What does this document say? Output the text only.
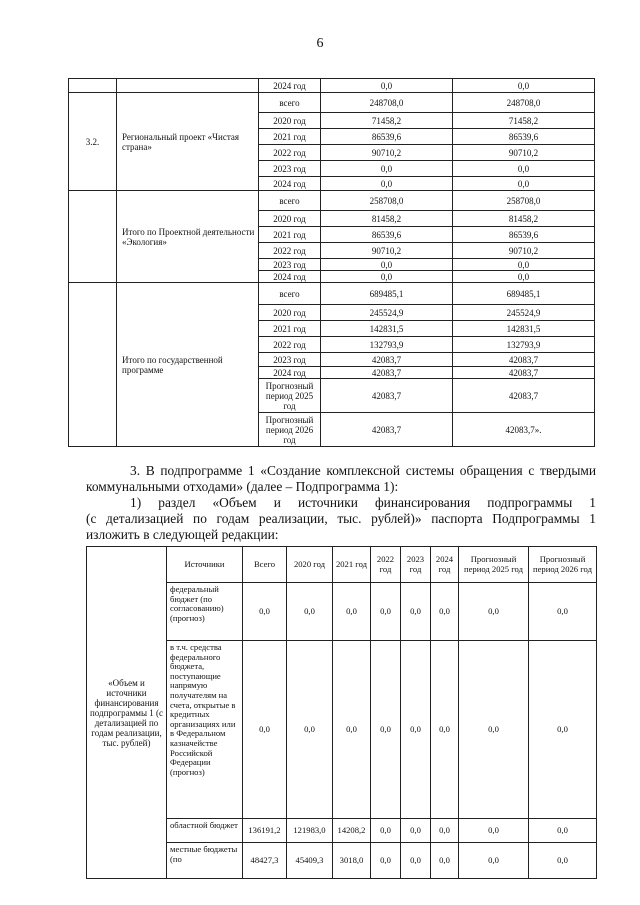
6
		2024 год	0,0	0,0
3.2.	Региональный проект «Чистая страна»	всего	248708,0	248708,0
		2020 год	71458,2	71458,2
		2021 год	86539,6	86539,6
		2022 год	90710,2	90710,2
		2023 год	0,0	0,0
		2024 год	0,0	0,0
	Итого по Проектной деятельности «Экология»	всего	258708,0	258708,0
		2020 год	81458,2	81458,2
		2021 год	86539,6	86539,6
		2022 год	90710,2	90710,2
		2023 год	0,0	0,0
		2024 год	0,0	0,0
	Итого по государственной программе	всего	689485,1	689485,1
		2020 год	245524,9	245524,9
		2021 год	142831,5	142831,5
		2022 год	132793,9	132793,9
		2023 год	42083,7	42083,7
		2024 год	42083,7	42083,7
		Прогнозный период 2025 год	42083,7	42083,7
		Прогнозный период 2026 год	42083,7	42083,7».
3. В подпрограмме 1 «Создание комплексной системы обращения с твердыми
коммунальными отходами» (далее – Подпрограмма 1):
1) раздел «Объем и источники финансирования подпрограммы 1
(с детализацией по годам реализации, тыс. рублей)» паспорта Подпрограммы 1
изложить в следующей редакции:
«Объем и источники финансирования подпрограммы 1 (с детализацией по годам реализации, тыс. рублей)	Источники	Всего	2020 год	2021 год	2022 год	2023 год	2024 год	Прогнозный период 2025 год	Прогнозный период 2026 год
	федеральный бюджет (по согласованию) (прогноз)	0,0	0,0	0,0	0,0	0,0	0,0	0,0	0,0
	в т.ч. средства федерального бюджета, поступающие напрямую получателям на счета, открытые в кредитных организациях или в Федеральном казначействе Российской Федерации (прогноз)	0,0	0,0	0,0	0,0	0,0	0,0	0,0	0,0
	областной бюджет	136191,2	121983,0	14208,2	0,0	0,0	0,0	0,0	0,0
	местные бюджеты (по	48427,3	45409,3	3018,0	0,0	0,0	0,0	0,0	0,0
